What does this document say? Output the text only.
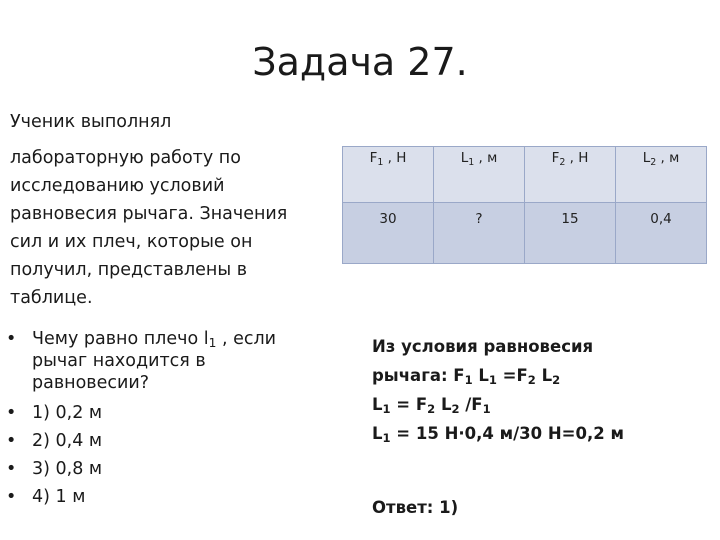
Задача 27.
Ученик выполнял
лабораторную работу по
исследованию условий
равновесия рычага. Значения
сил и их плеч, которые он
получил, представлены в
таблице.
$F_1$ , Н	$L_1$ , м	$F_2$ , Н	$L_2$ , м
30	?	15	0,4
• Чему равно плечо $l_1$ , если рычаг находится в равновесии?
• 1) 0,2 м
• 2) 0,4 м
• 3) 0,8 м
• 4) 1 м
Из условия равновесия
рычага: $F_1$ $L_1 =F_2$ $L_2$
$L_1 = F_2$ $L_2$ $/F_1$
$L_1 = 15$ Н·0,4 м/30 Н=0,2 м
Ответ: 1)
